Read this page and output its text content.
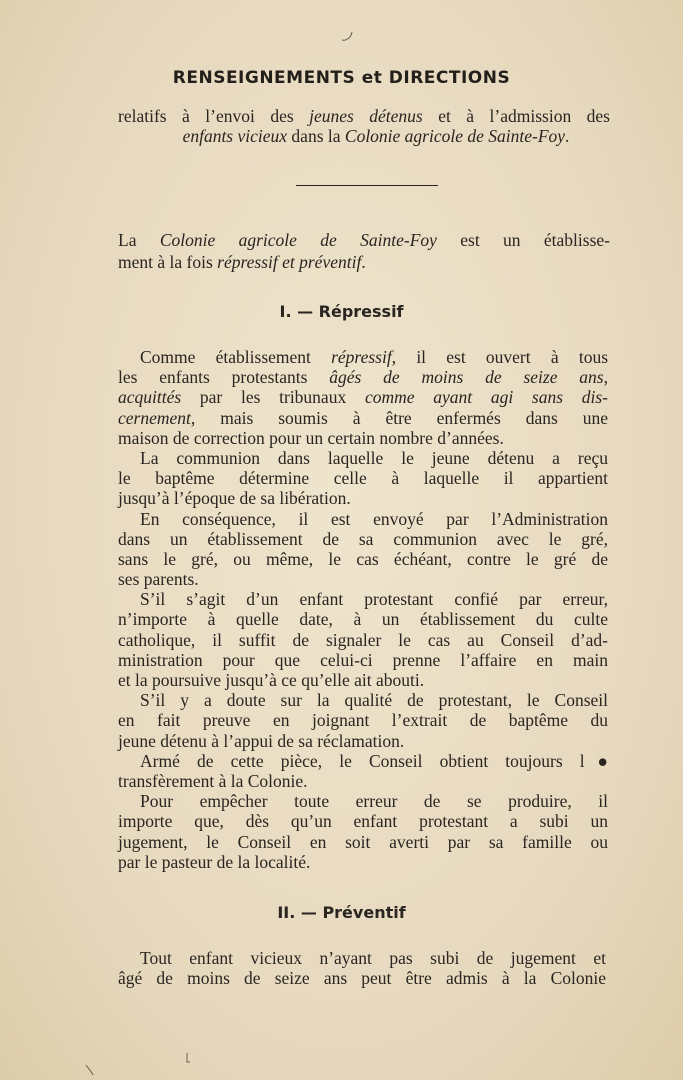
RENSEIGNEMENTS et DIRECTIONS
relatifs à l’envoi des jeunes détenus et à l’admission des
enfants vicieux dans la Colonie agricole de Sainte-Foy.
La Colonie agricole de Sainte-Foy est un établisse-
ment à la fois répressif et préventif.
I. — Répressif
Comme établissement répressif, il est ouvert à tous
les enfants protestants âgés de moins de seize ans,
acquittés par les tribunaux comme ayant agi sans dis-
cernement, mais soumis à être enfermés dans une
maison de correction pour un certain nombre d’années.
La communion dans laquelle le jeune détenu a reçu
le baptême détermine celle à laquelle il appartient
jusqu’à l’époque de sa libération.
En conséquence, il est envoyé par l’Administration
dans un établissement de sa communion avec le gré,
sans le gré, ou même, le cas échéant, contre le gré de
ses parents.
S’il s’agit d’un enfant protestant confié par erreur,
n’importe à quelle date, à un établissement du culte
catholique, il suffit de signaler le cas au Conseil d’ad-
ministration pour que celui-ci prenne l’affaire en main
et la poursuive jusqu’à ce qu’elle ait abouti.
S’il y a doute sur la qualité de protestant, le Conseil
en fait preuve en joignant l’extrait de baptême du
jeune détenu à l’appui de sa réclamation.
Armé de cette pièce, le Conseil obtient toujours l●
transfèrement à la Colonie.
Pour empêcher toute erreur de se produire, il
importe que, dès qu’un enfant protestant a subi un
jugement, le Conseil en soit averti par sa famille ou
par le pasteur de la localité.
II. — Préventif
Tout enfant vicieux n’ayant pas subi de jugement et
âgé de moins de seize ans peut être admis à la Colonie
